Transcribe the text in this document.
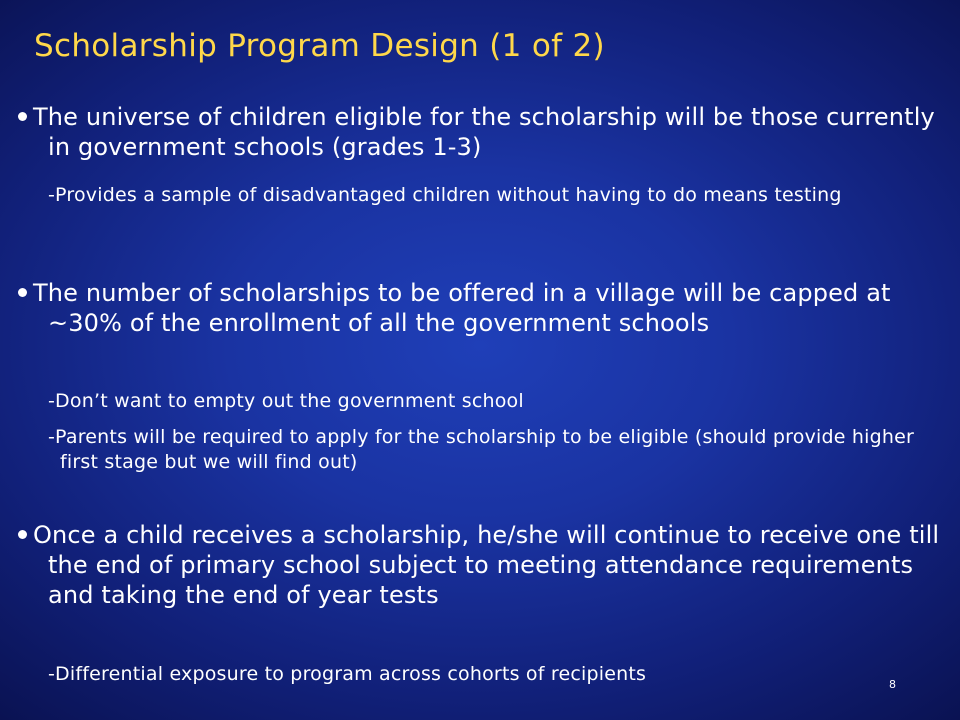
Scholarship Program Design (1 of 2)

The universe of children eligible for the scholarship will be those currently in government schools (grades 1-3)

-Provides a sample of disadvantaged children without having to do means testing

The number of scholarships to be offered in a village will be capped at ~30% of the enrollment of all the government schools

-Don’t want to empty out the government school
-Parents will be required to apply for the scholarship to be eligible (should provide higher first stage but we will find out)

Once a child receives a scholarship, he/she will continue to receive one till the end of primary school subject to meeting attendance requirements and taking the end of year tests

-Differential exposure to program across cohorts of recipients	8
